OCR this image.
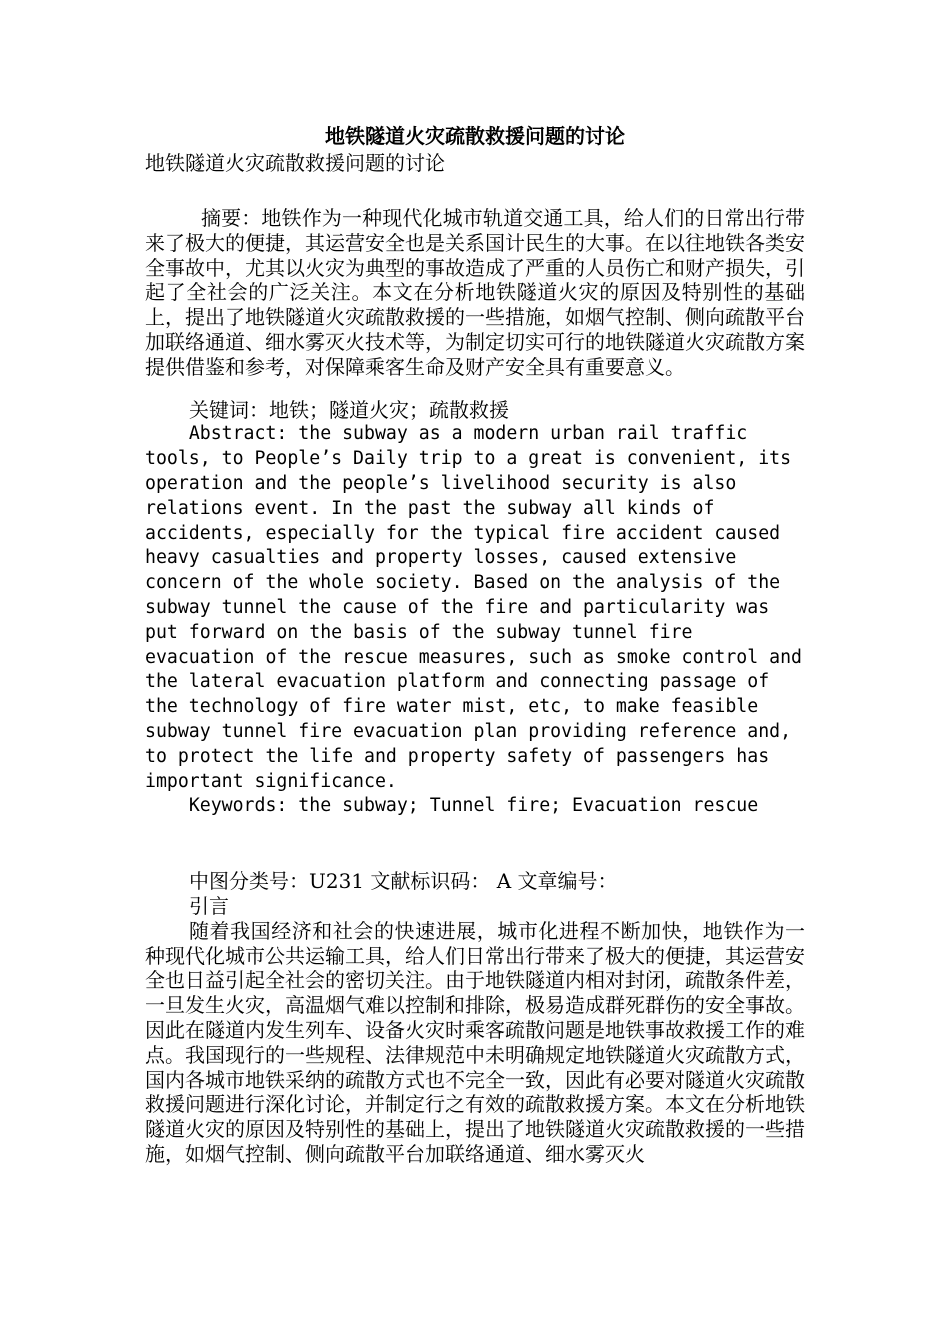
地铁隧道火灾疏散救援问题的讨论

地铁隧道火灾疏散救援问题的讨论

摘要：地铁作为一种现代化城市轨道交通工具，给人们的日常出行带来了极大的便捷，其运营安全也是关系国计民生的大事。在以往地铁各类安全事故中，尤其以火灾为典型的事故造成了严重的人员伤亡和财产损失，引起了全社会的广泛关注。本文在分析地铁隧道火灾的原因及特别性的基础上，提出了地铁隧道火灾疏散救援的一些措施，如烟气控制、侧向疏散平台加联络通道、细水雾灭火技术等，为制定切实可行的地铁隧道火灾疏散方案提供借鉴和参考，对保障乘客生命及财产安全具有重要意义。

关键词：地铁；隧道火灾；疏散救援

Abstract: the subway as a modern urban rail traffic tools, to People’s Daily trip to a great is convenient, its operation and the people’s livelihood security is also relations event. In the past the subway all kinds of accidents, especially for the typical fire accident caused heavy casualties and property losses, caused extensive concern of the whole society. Based on the analysis of the subway tunnel the cause of the fire and particularity was put forward on the basis of the subway tunnel fire evacuation of the rescue measures, such as smoke control and the lateral evacuation platform and connecting passage of the technology of fire water mist, etc, to make feasible subway tunnel fire evacuation plan providing reference and, to protect the life and property safety of passengers has important significance.

Keywords: the subway; Tunnel fire; Evacuation rescue

中图分类号：U231 文献标识码： A 文章编号：

引言

随着我国经济和社会的快速进展，城市化进程不断加快，地铁作为一种现代化城市公共运输工具，给人们日常出行带来了极大的便捷，其运营安全也日益引起全社会的密切关注。由于地铁隧道内相对封闭，疏散条件差，一旦发生火灾，高温烟气难以控制和排除，极易造成群死群伤的安全事故。因此在隧道内发生列车、设备火灾时乘客疏散问题是地铁事故救援工作的难点。我国现行的一些规程、法律规范中未明确规定地铁隧道火灾疏散方式，国内各城市地铁采纳的疏散方式也不完全一致，因此有必要对隧道火灾疏散救援问题进行深化讨论，并制定行之有效的疏散救援方案。本文在分析地铁隧道火灾的原因及特别性的基础上，提出了地铁隧道火灾疏散救援的一些措施，如烟气控制、侧向疏散平台加联络通道、细水雾灭火
